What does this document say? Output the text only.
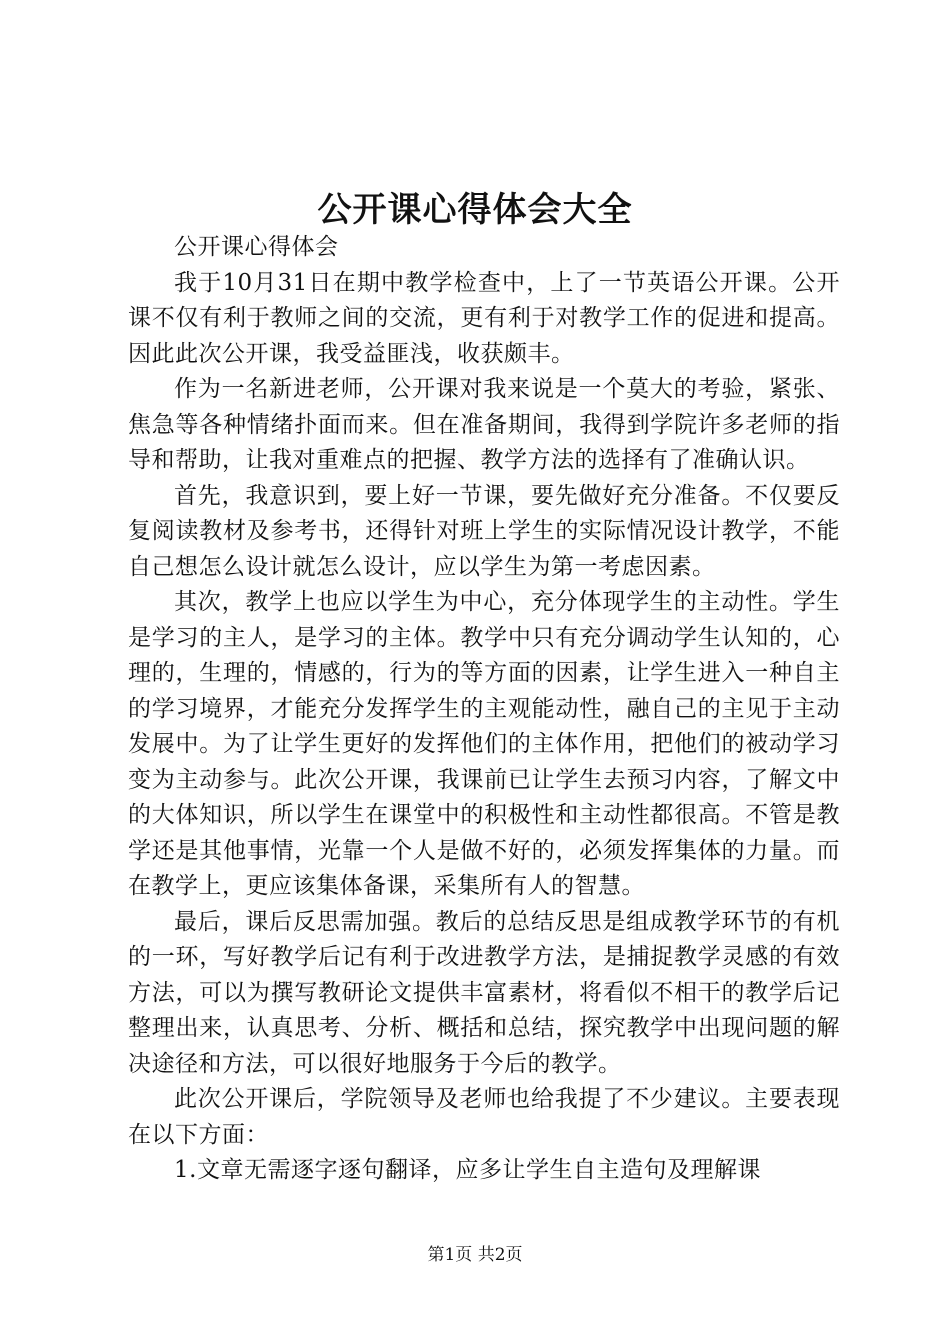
公开课心得体会大全

公开课心得体会

我于10月31日在期中教学检查中，上了一节英语公开课。公开课不仅有利于教师之间的交流，更有利于对教学工作的促进和提高。因此此次公开课，我受益匪浅，收获颇丰。

作为一名新进老师，公开课对我来说是一个莫大的考验，紧张、焦急等各种情绪扑面而来。但在准备期间，我得到学院许多老师的指导和帮助，让我对重难点的把握、教学方法的选择有了准确认识。

首先，我意识到，要上好一节课，要先做好充分准备。不仅要反复阅读教材及参考书，还得针对班上学生的实际情况设计教学，不能自己想怎么设计就怎么设计，应以学生为第一考虑因素。

其次，教学上也应以学生为中心，充分体现学生的主动性。学生是学习的主人，是学习的主体。教学中只有充分调动学生认知的，心理的，生理的，情感的，行为的等方面的因素，让学生进入一种自主的学习境界，才能充分发挥学生的主观能动性，融自己的主见于主动发展中。为了让学生更好的发挥他们的主体作用，把他们的被动学习变为主动参与。此次公开课，我课前已让学生去预习内容，了解文中的大体知识，所以学生在课堂中的积极性和主动性都很高。不管是教学还是其他事情，光靠一个人是做不好的，必须发挥集体的力量。而在教学上，更应该集体备课，采集所有人的智慧。

最后，课后反思需加强。教后的总结反思是组成教学环节的有机的一环，写好教学后记有利于改进教学方法，是捕捉教学灵感的有效方法，可以为撰写教研论文提供丰富素材，将看似不相干的教学后记整理出来，认真思考、分析、概括和总结，探究教学中出现问题的解决途径和方法，可以很好地服务于今后的教学。

此次公开课后，学院领导及老师也给我提了不少建议。主要表现在以下方面：

1.文章无需逐字逐句翻译，应多让学生自主造句及理解课

第1页 共2页
